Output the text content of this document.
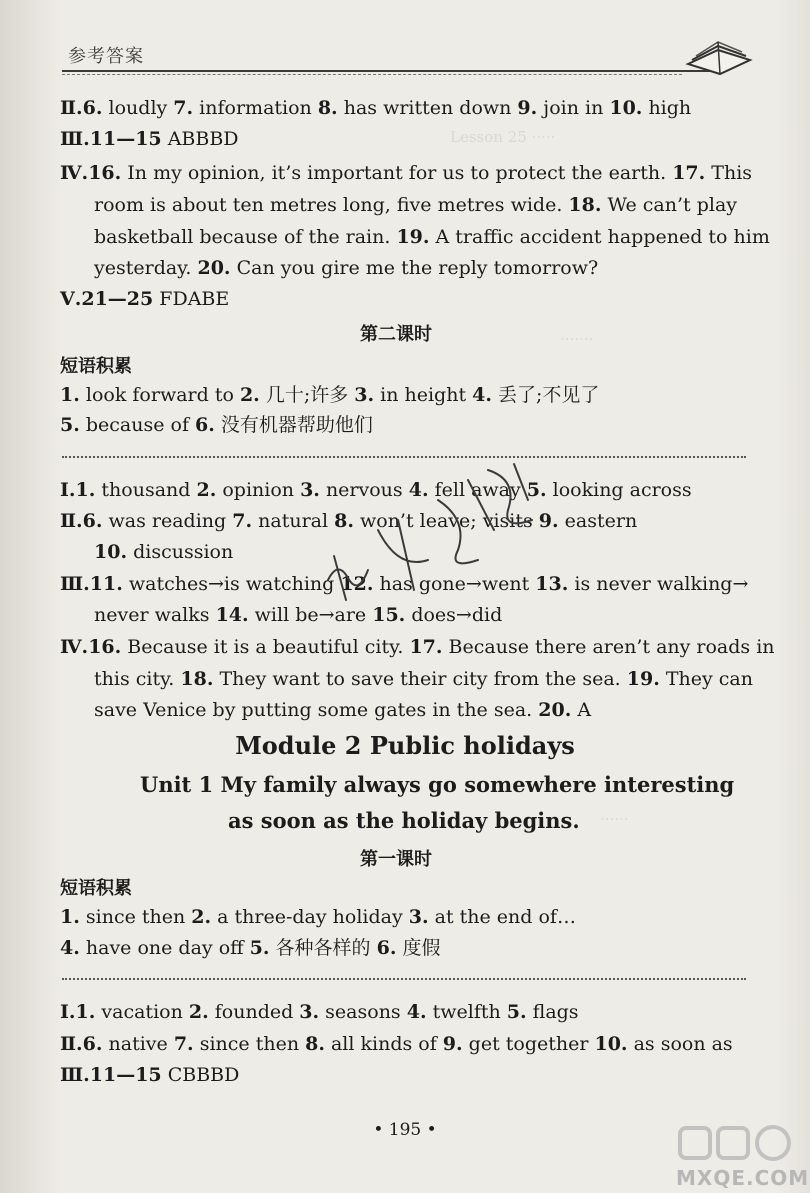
Lesson 25 ·····
·······
······
参考答案
Ⅱ.6. loudly 7. information 8. has written down 9. join in 10. high
Ⅲ.11—15 ABBBD
Ⅳ.16. In my opinion, it’s important for us to protect the earth. 17. This
room is about ten metres long, five metres wide. 18. We can’t play
basketball because of the rain. 19. A traffic accident happened to him
yesterday. 20. Can you gire me the reply tomorrow?
Ⅴ.21—25 FDABE
第二课时
短语积累
1. look forward to 2. 几十;许多 3. in height 4. 丢了;不见了
5. because of 6. 没有机器帮助他们
Ⅰ.1. thousand 2. opinion 3. nervous 4. fell away 5. looking across
Ⅱ.6. was reading 7. natural 8. won’t leave; visits 9. eastern
10. discussion
Ⅲ.11. watches→is watching 12. has gone→went 13. is never walking→
never walks 14. will be→are 15. does→did
Ⅳ.16. Because it is a beautiful city. 17. Because there aren’t any roads in
this city. 18. They want to save their city from the sea. 19. They can
save Venice by putting some gates in the sea. 20. A
Module 2 Public holidays
Unit 1 My family always go somewhere interesting
as soon as the holiday begins.
第一课时
短语积累
1. since then 2. a three-day holiday 3. at the end of…
4. have one day off 5. 各种各样的 6. 度假
Ⅰ.1. vacation 2. founded 3. seasons 4. twelfth 5. flags
Ⅱ.6. native 7. since then 8. all kinds of 9. get together 10. as soon as
Ⅲ.11—15 CBBBD
• 195 •
MXQE.COM
